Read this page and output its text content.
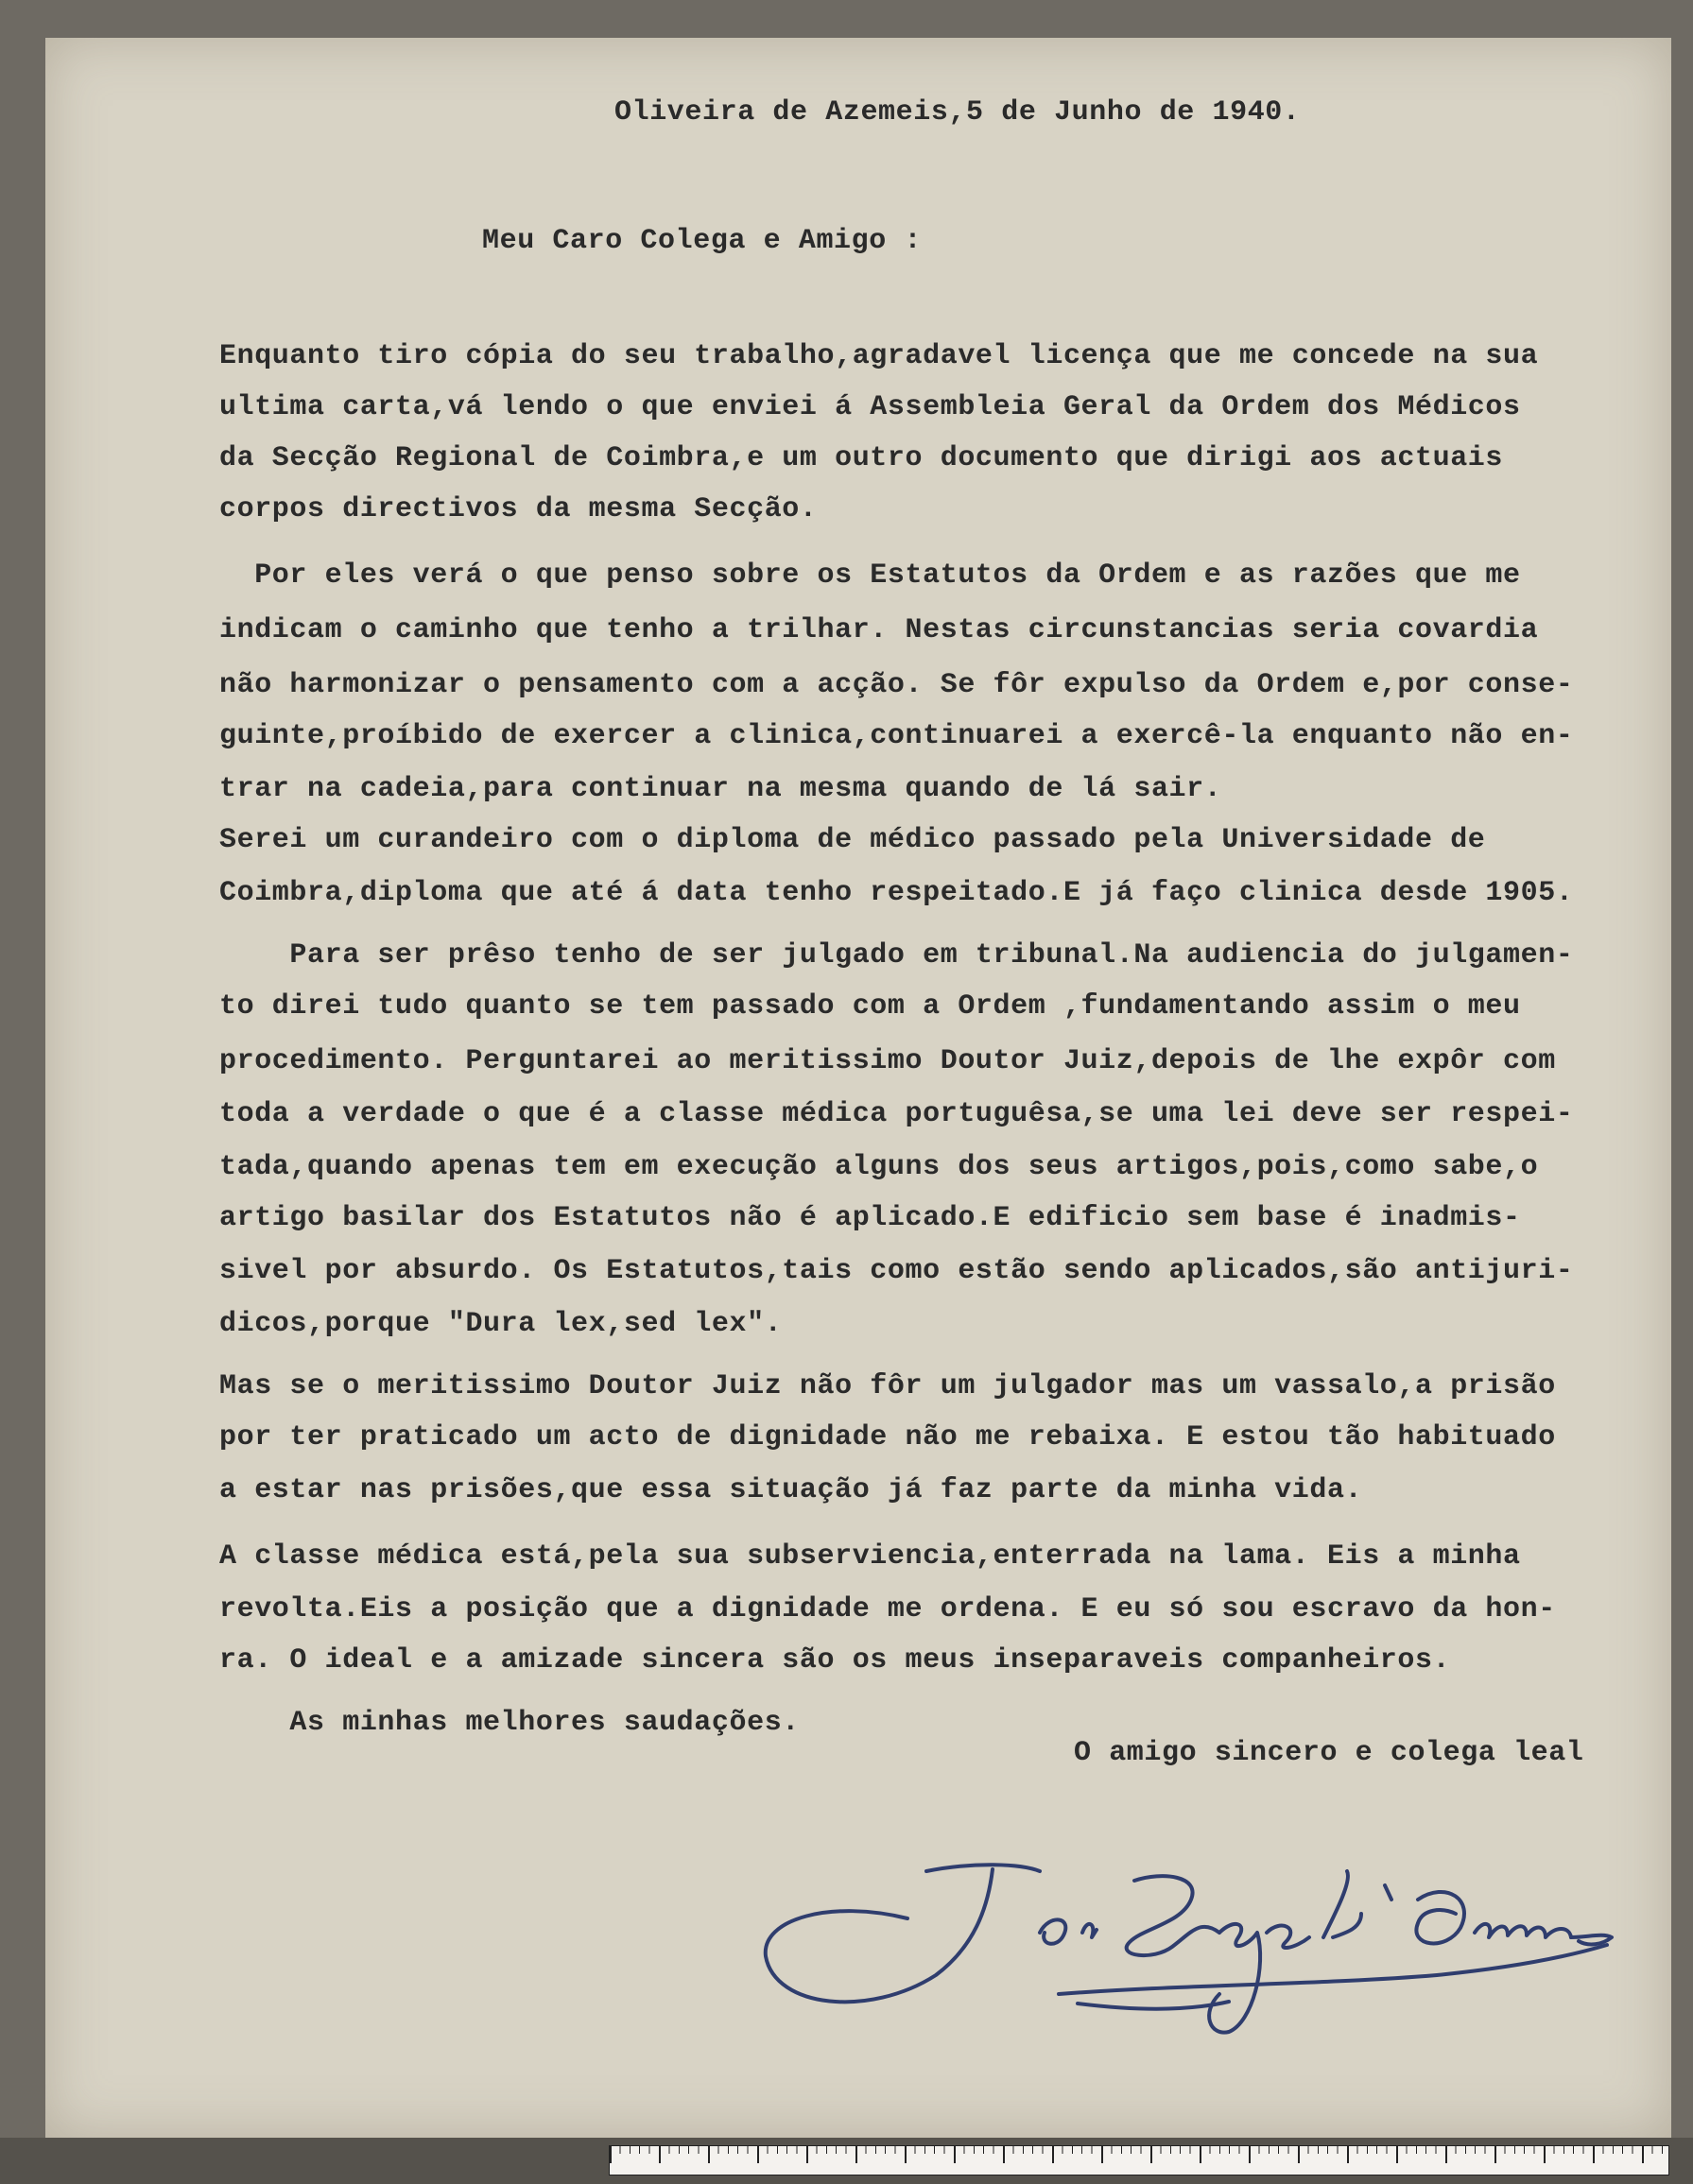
Oliveira de Azemeis,5 de Junho de 1940.
Meu Caro Colega e Amigo :
Enquanto tiro cópia do seu trabalho,agradavel licença que me concede na sua
ultima carta,vá lendo o que enviei á Assembleia Geral da Ordem dos Médicos
da Secção Regional de Coimbra,e um outro documento que dirigi aos actuais
corpos directivos da mesma Secção.
Por eles verá o que penso sobre os Estatutos da Ordem e as razões que me
indicam o caminho que tenho a trilhar. Nestas circunstancias seria covardia
não harmonizar o pensamento com a acção. Se fôr expulso da Ordem e,por conse-
guinte,proíbido de exercer a clinica,continuarei a exercê-la enquanto não en-
trar na cadeia,para continuar na mesma quando de lá sair.
Serei um curandeiro com o diploma de médico passado pela Universidade de
Coimbra,diploma que até á data tenho respeitado.E já faço clinica desde 1905.
Para ser prêso tenho de ser julgado em tribunal.Na audiencia do julgamen-
to direi tudo quanto se tem passado com a Ordem ,fundamentando assim o meu
procedimento. Perguntarei ao meritissimo Doutor Juiz,depois de lhe expôr com
toda a verdade o que é a classe médica portuguêsa,se uma lei deve ser respei-
tada,quando apenas tem em execução alguns dos seus artigos,pois,como sabe,o
artigo basilar dos Estatutos não é aplicado.E edificio sem base é inadmis-
sivel por absurdo. Os Estatutos,tais como estão sendo aplicados,são antijuri-
dicos,porque "Dura lex,sed lex".
Mas se o meritissimo Doutor Juiz não fôr um julgador mas um vassalo,a prisão
por ter praticado um acto de dignidade não me rebaixa. E estou tão habituado
a estar nas prisões,que essa situação já faz parte da minha vida.
A classe médica está,pela sua subserviencia,enterrada na lama. Eis a minha
revolta.Eis a posição que a dignidade me ordena. E eu só sou escravo da hon-
ra. O ideal e a amizade sincera são os meus inseparaveis companheiros.
As minhas melhores saudações.
O amigo sincero e colega leal
